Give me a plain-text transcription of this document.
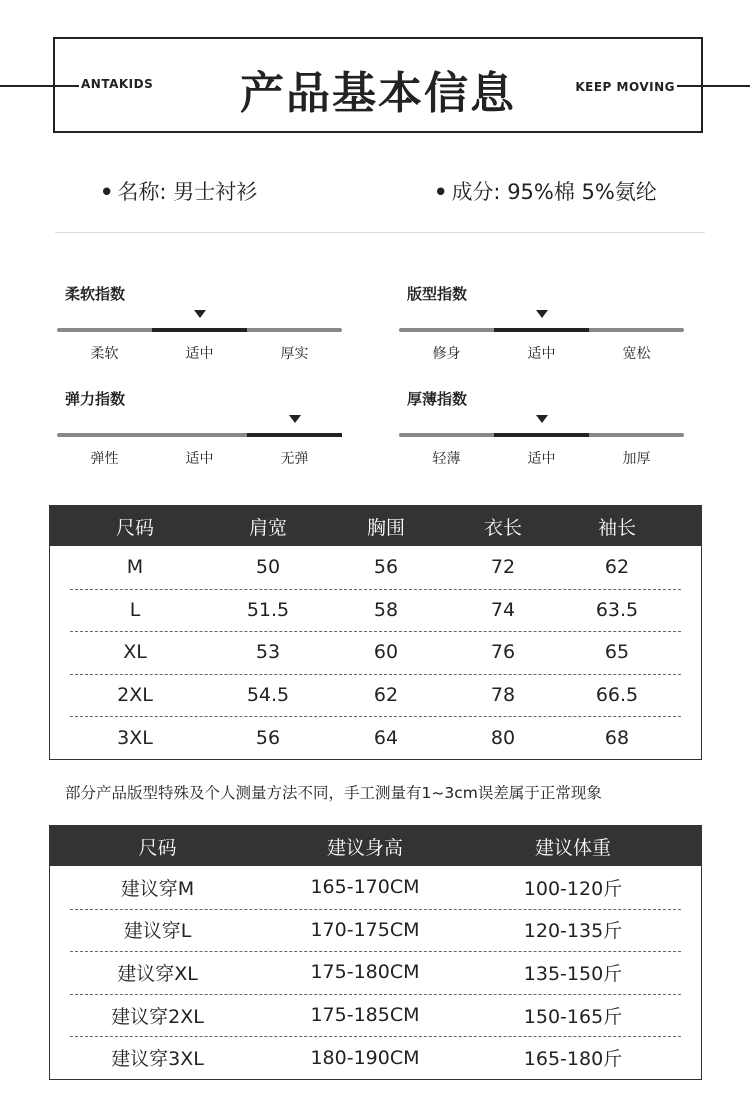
ANTAKIDS	产品基本信息	KEEP MOVING
• 名称: 男士衬衫	• 成分: 95%棉 5%氨纶
柔软指数
柔软	适中	厚实
版型指数
修身	适中	宽松
弹力指数
弹性	适中	无弹
厚薄指数
轻薄	适中	加厚
尺码	肩宽	胸围	衣长	袖长
M	50	56	72	62
L	51.5	58	74	63.5
XL	53	60	76	65
2XL	54.5	62	78	66.5
3XL	56	64	80	68
部分产品版型特殊及个人测量方法不同，手工测量有1~3cm误差属于正常现象
尺码	建议身高	建议体重
建议穿M	165-170CM	100-120斤
建议穿L	170-175CM	120-135斤
建议穿XL	175-180CM	135-150斤
建议穿2XL	175-185CM	150-165斤
建议穿3XL	180-190CM	165-180斤
